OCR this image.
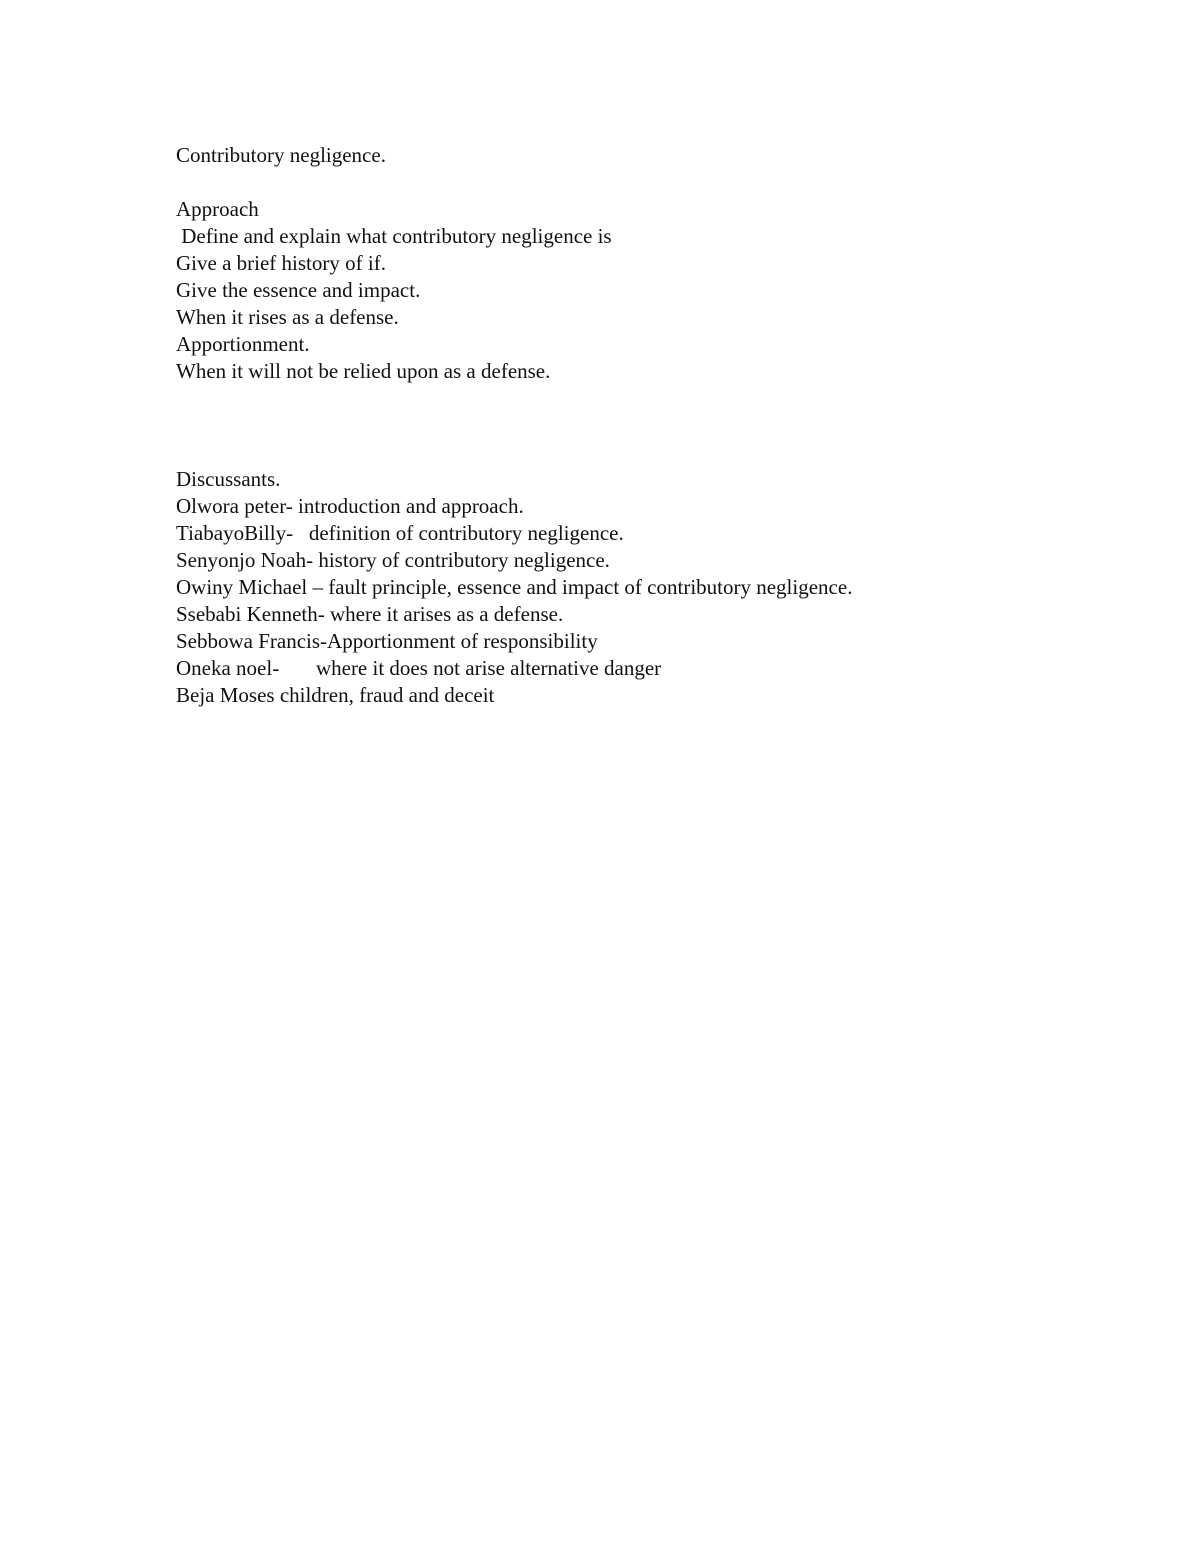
Contributory negligence.
Approach
Define and explain what contributory negligence is
Give a brief history of if.
Give the essence and impact.
When it rises as a defense.
Apportionment.
When it will not be relied upon as a defense.
Discussants.
Olwora peter- introduction and approach.
TiabayoBilly-   definition of contributory negligence.
Senyonjo Noah- history of contributory negligence.
Owiny Michael – fault principle, essence and impact of contributory negligence.
Ssebabi Kenneth- where it arises as a defense.
Sebbowa Francis-Apportionment of responsibility
Oneka noel-       where it does not arise alternative danger
Beja Moses children, fraud and deceit
